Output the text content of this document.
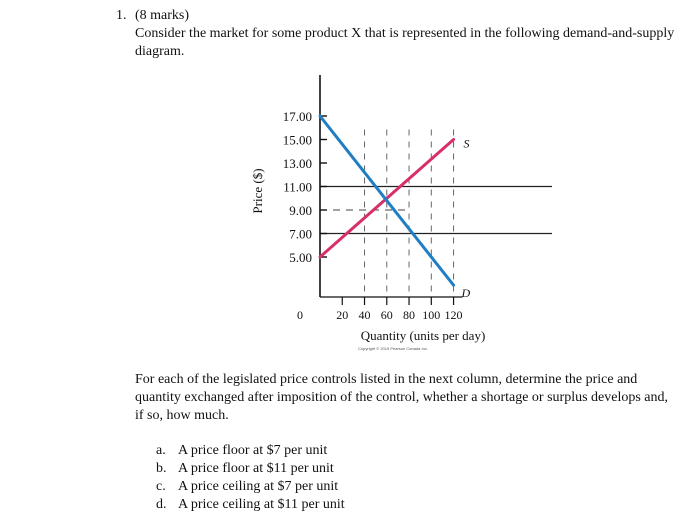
1. (8 marks)
Consider the market for some product X that is represented in the following demand-and-supply diagram.
17.00
15.00
13.00
11.00
9.00
7.00
5.00
20 40 60 80 100 120
0
S
D
Price ($)
Quantity (units per day)
Copyright © 2019 Pearson Canada Inc.
For each of the legislated price controls listed in the next column, determine the price and quantity exchanged after imposition of the control, whether a shortage or surplus develops and, if so, how much.
a. A price floor at $7 per unit
b. A price floor at $11 per unit
c. A price ceiling at $7 per unit
d. A price ceiling at $11 per unit
